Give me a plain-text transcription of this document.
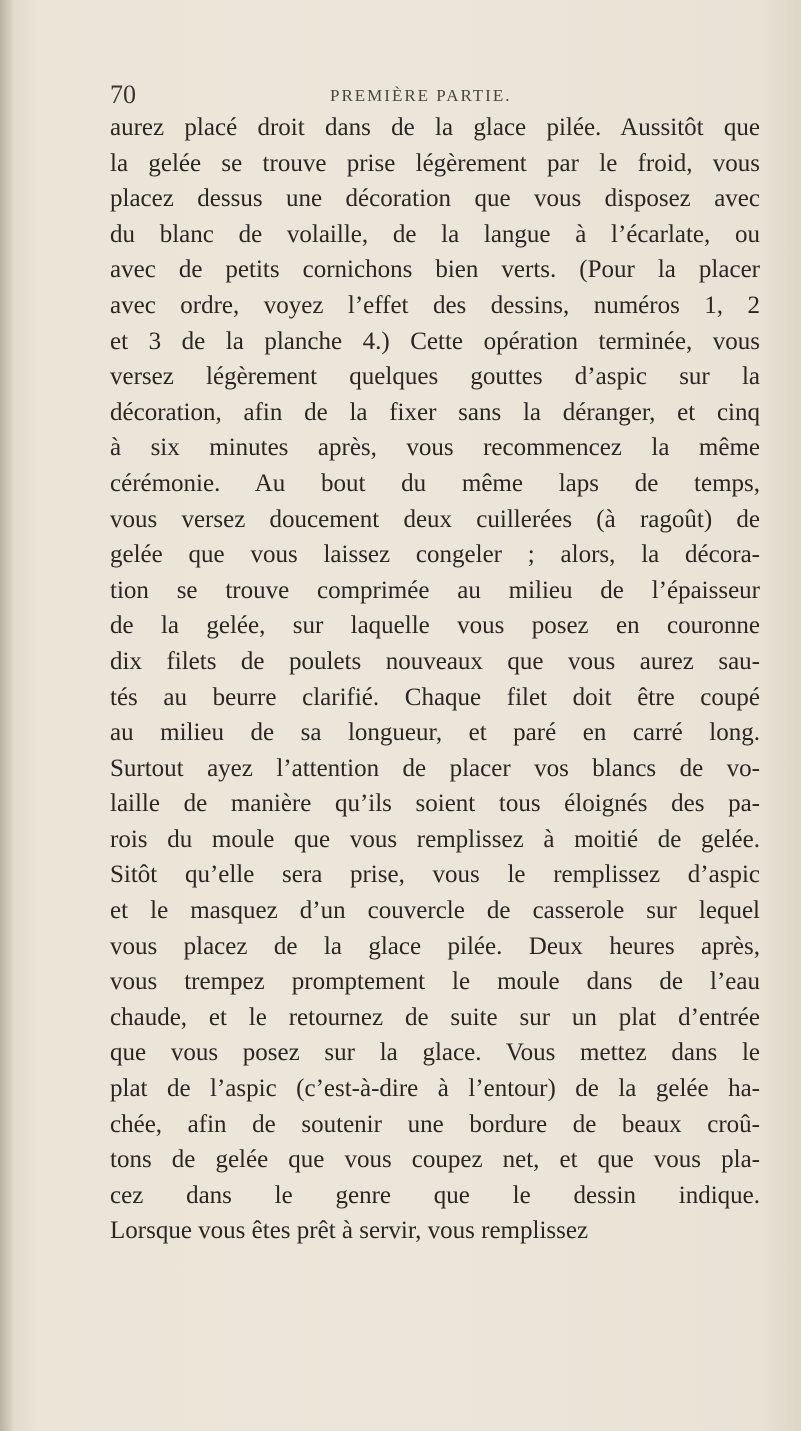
70	PREMIÈRE PARTIE.
aurez placé droit dans de la glace pilée. Aussitôt que
la gelée se trouve prise légèrement par le froid, vous
placez dessus une décoration que vous disposez avec
du blanc de volaille, de la langue à l’écarlate, ou
avec de petits cornichons bien verts. (Pour la placer
avec ordre, voyez l’effet des dessins, numéros 1, 2
et 3 de la planche 4.) Cette opération terminée, vous
versez légèrement quelques gouttes d’aspic sur la
décoration, afin de la fixer sans la déranger, et cinq
à six minutes après, vous recommencez la même
cérémonie. Au bout du même laps de temps,
vous versez doucement deux cuillerées (à ragoût) de
gelée que vous laissez congeler ; alors, la décora-
tion se trouve comprimée au milieu de l’épaisseur
de la gelée, sur laquelle vous posez en couronne
dix filets de poulets nouveaux que vous aurez sau-
tés au beurre clarifié. Chaque filet doit être coupé
au milieu de sa longueur, et paré en carré long.
Surtout ayez l’attention de placer vos blancs de vo-
laille de manière qu’ils soient tous éloignés des pa-
rois du moule que vous remplissez à moitié de gelée.
Sitôt qu’elle sera prise, vous le remplissez d’aspic
et le masquez d’un couvercle de casserole sur lequel
vous placez de la glace pilée. Deux heures après,
vous trempez promptement le moule dans de l’eau
chaude, et le retournez de suite sur un plat d’entrée
que vous posez sur la glace. Vous mettez dans le
plat de l’aspic (c’est-à-dire à l’entour) de la gelée ha-
chée, afin de soutenir une bordure de beaux croû-
tons de gelée que vous coupez net, et que vous pla-
cez dans le genre que le dessin indique.
Lorsque vous êtes prêt à servir, vous remplissez
